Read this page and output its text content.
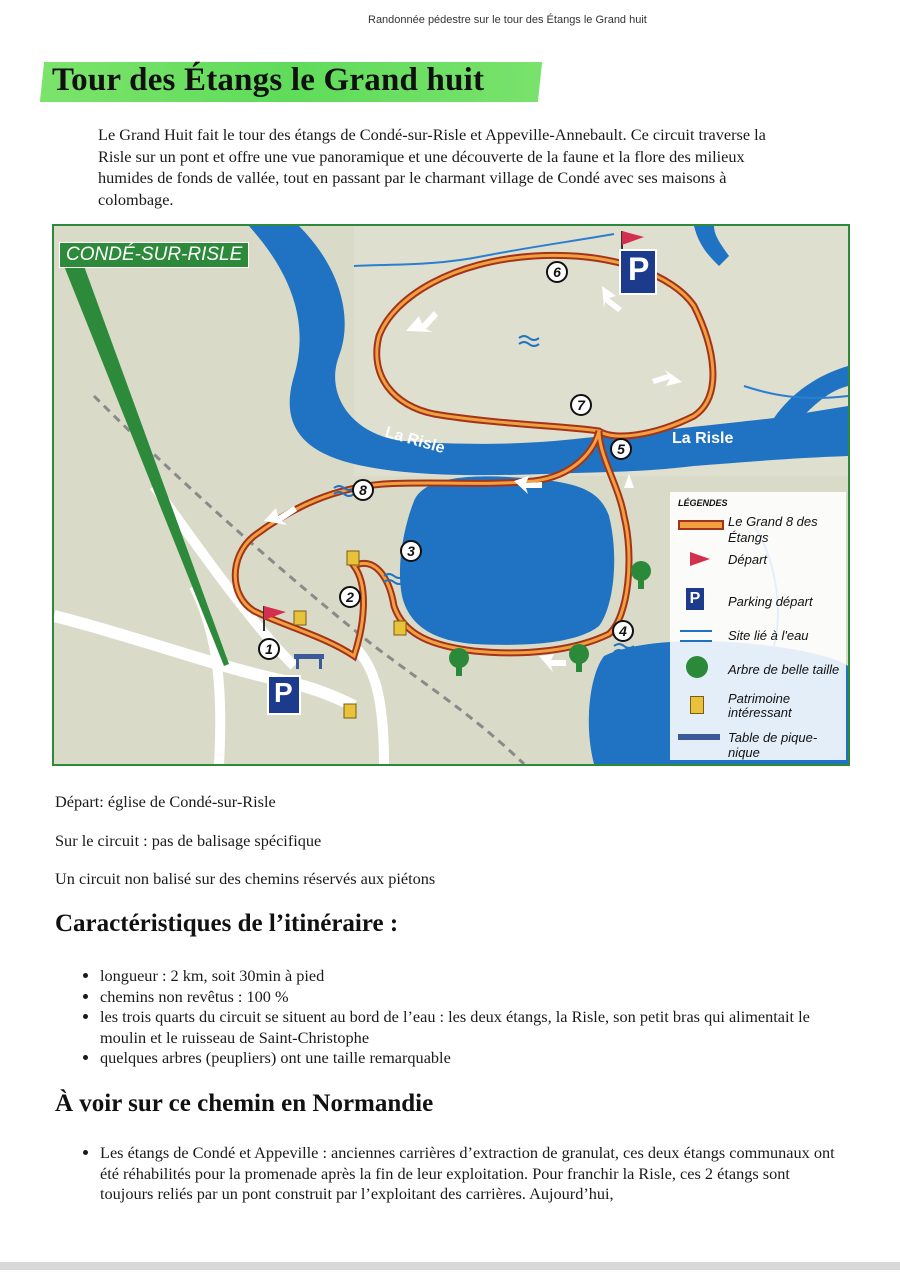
Randonnée pédestre sur le tour des Étangs le Grand huit
Tour des Étangs le Grand huit

Le Grand Huit fait le tour des étangs de Condé-sur-Risle et Appeville-Annebault. Ce circuit traverse la Risle sur un pont et offre une vue panoramique et une découverte de la faune et la flore des milieux humides de fonds de vallée, tout en passant par le charmant village de Condé avec ses maisons à colombage.

CONDÉ-SUR-RISLE
La Risle	La Risle
P
P
1
2
3
4
5
6
7
8
LÉGENDES
Le Grand 8 des Étangs
Départ
P Parking départ
Site lié à l'eau
Arbre de belle taille
Patrimoine intéressant
Table de pique-nique

Départ: église de Condé-sur-Risle

Sur le circuit : pas de balisage spécifique

Un circuit non balisé sur des chemins réservés aux piétons

Caractéristiques de l’itinéraire :
• longueur : 2 km, soit 30min à pied
• chemins non revêtus : 100 %
• les trois quarts du circuit se situent au bord de l’eau : les deux étangs, la Risle, son petit bras qui alimentait le moulin et le ruisseau de Saint-Christophe
• quelques arbres (peupliers) ont une taille remarquable
À voir sur ce chemin en Normandie
• Les étangs de Condé et Appeville : anciennes carrières d’extraction de granulat, ces deux étangs communaux ont été réhabilités pour la promenade après la fin de leur exploitation. Pour franchir la Risle, ces 2 étangs sont toujours reliés par un pont construit par l’exploitant des carrières. Aujourd’hui,
